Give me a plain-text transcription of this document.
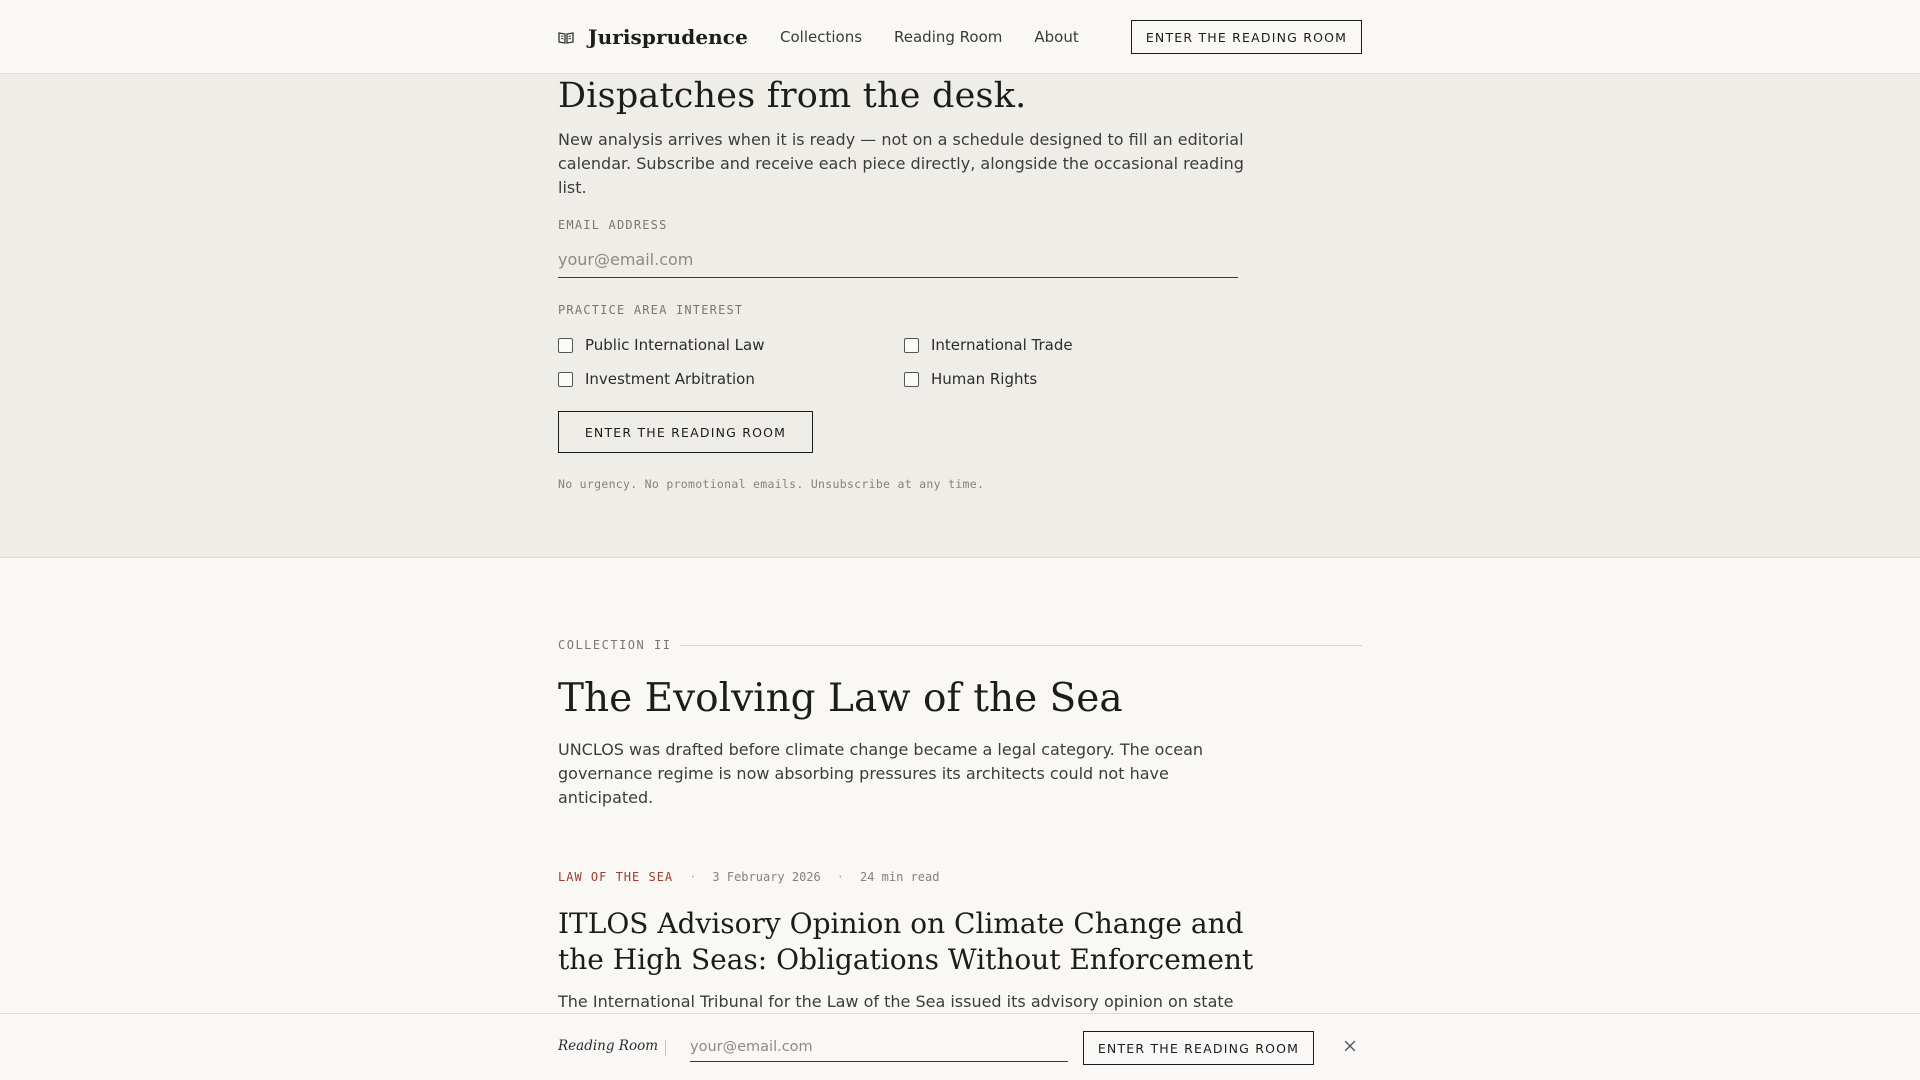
Jurisprudence Collections Reading Room About	ENTER THE READING ROOM
Dispatches from the desk.

New analysis arrives when it is ready — not on a schedule designed to fill an editorial calendar. Subscribe and receive each piece directly, alongside the occasional reading list.

EMAIL ADDRESS
your@email.com
PRACTICE AREA INTEREST
Public International Law	International Trade
Investment Arbitration	Human Rights
ENTER THE READING ROOM

No urgency. No promotional emails. Unsubscribe at any time.

COLLECTION II
The Evolving Law of the Sea

UNCLOS was drafted before climate change became a legal category. The ocean governance regime is now absorbing pressures its architects could not have anticipated.

LAW OF THE SEA · 3 February 2026 · 24 min read
ITLOS Advisory Opinion on Climate Change and the High Seas: Obligations Without Enforcement

The International Tribunal for the Law of the Sea issued its advisory opinion on state

Reading Room
your@email.com	ENTER THE READING ROOM
